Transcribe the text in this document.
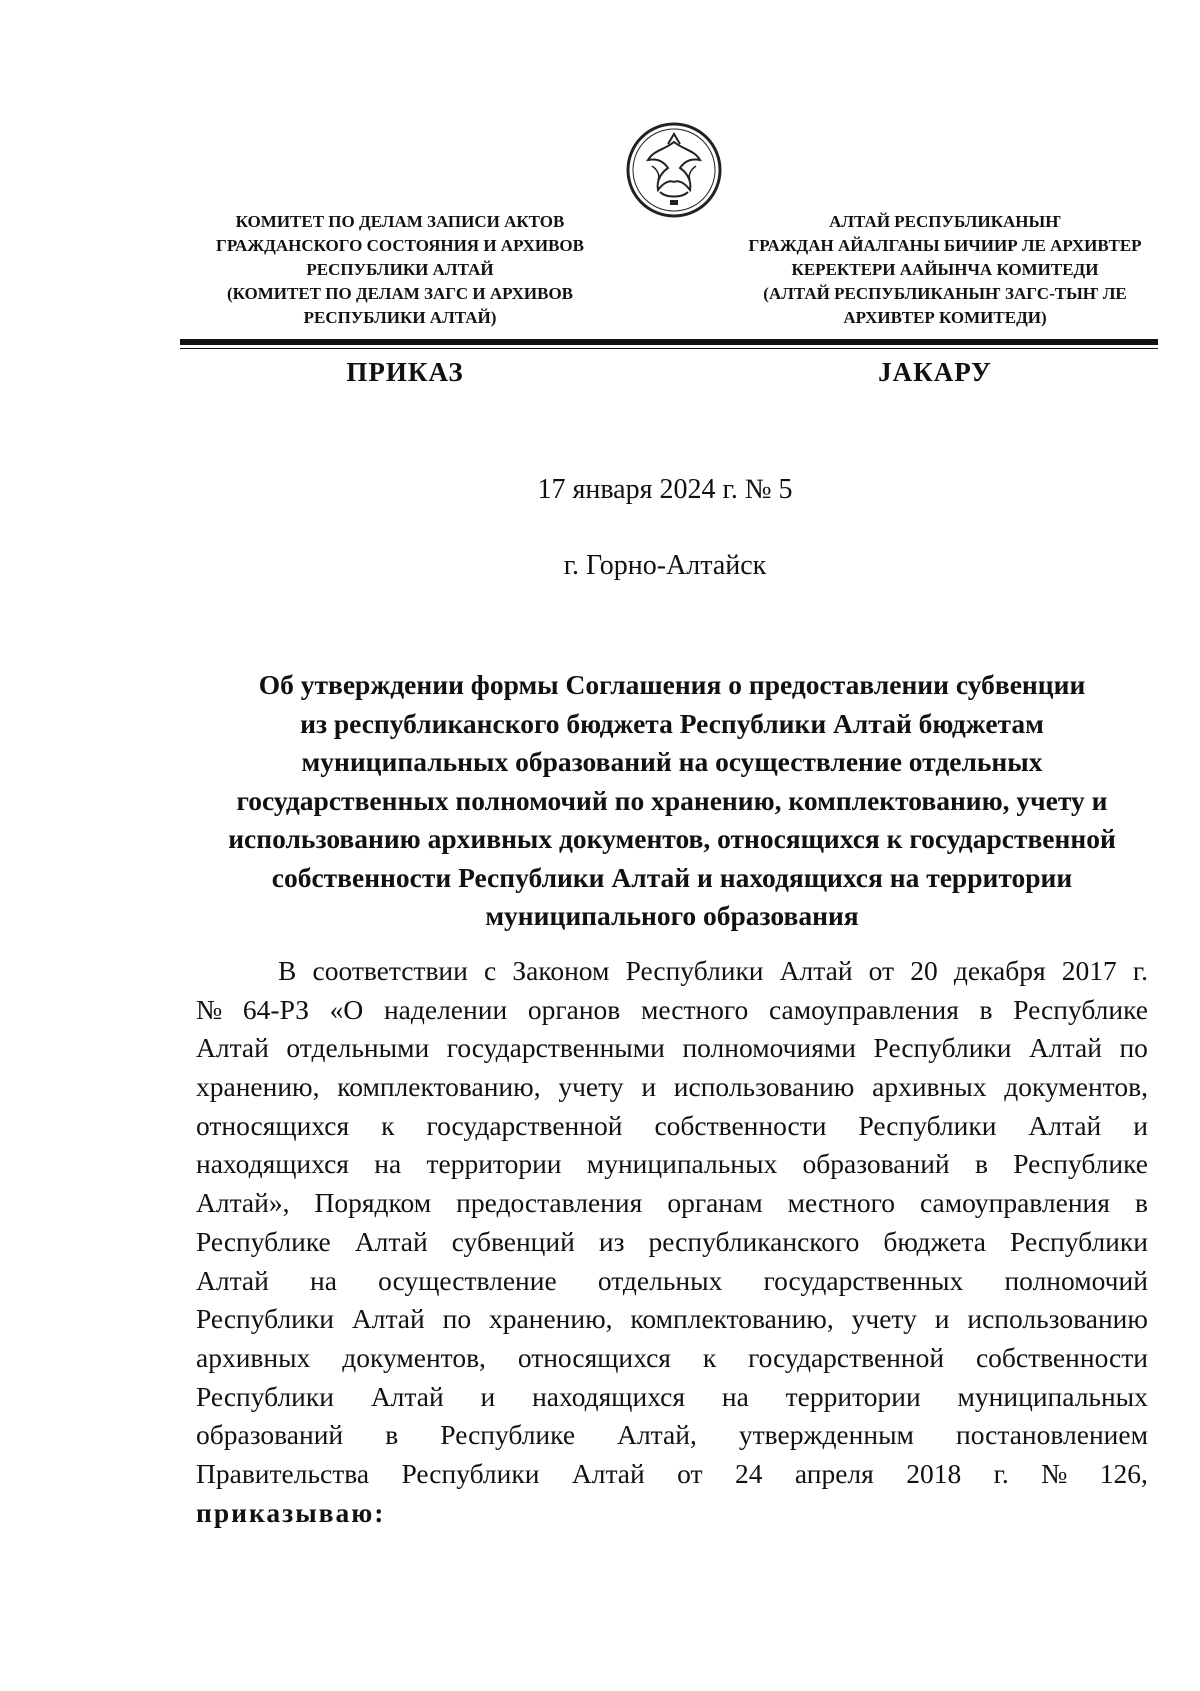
КОМИТЕТ ПО ДЕЛАМ ЗАПИСИ АКТОВ
ГРАЖДАНСКОГО СОСТОЯНИЯ И АРХИВОВ
РЕСПУБЛИКИ АЛТАЙ
(КОМИТЕТ ПО ДЕЛАМ ЗАГС И АРХИВОВ
РЕСПУБЛИКИ АЛТАЙ)
АЛТАЙ РЕСПУБЛИКАНЫҤ
ГРАЖДАН АЙАЛГАНЫ БИЧИИР ЛЕ АРХИВТЕР
КЕРЕКТЕРИ ААЙЫНЧА КОМИТЕДИ
(АЛТАЙ РЕСПУБЛИКАНЫҤ ЗАГС-ТЫҤ ЛЕ
АРХИВТЕР КОМИТЕДИ)
ПРИКАЗ	ЈАКАРУ
17 января 2024 г. № 5
г. Горно-Алтайск
Об утверждении формы Соглашения о предоставлении субвенции
из республиканского бюджета Республики Алтай бюджетам
муниципальных образований на осуществление отдельных
государственных полномочий по хранению, комплектованию, учету и
использованию архивных документов, относящихся к государственной
собственности Республики Алтай и находящихся на территории
муниципального образования
В соответствии с Законом Республики Алтай от 20 декабря 2017 г.
№ 64-РЗ «О наделении органов местного самоуправления в Республике
Алтай отдельными государственными полномочиями Республики Алтай по
хранению, комплектованию, учету и использованию архивных документов,
относящихся к государственной собственности Республики Алтай и
находящихся на территории муниципальных образований в Республике
Алтай», Порядком предоставления органам местного самоуправления в
Республике Алтай субвенций из республиканского бюджета Республики
Алтай на осуществление отдельных государственных полномочий
Республики Алтай по хранению, комплектованию, учету и использованию
архивных документов, относящихся к государственной собственности
Республики Алтай и находящихся на территории муниципальных
образований в Республике Алтай, утвержденным постановлением
Правительства Республики Алтай от 24 апреля 2018 г. № 126,
приказываю:
